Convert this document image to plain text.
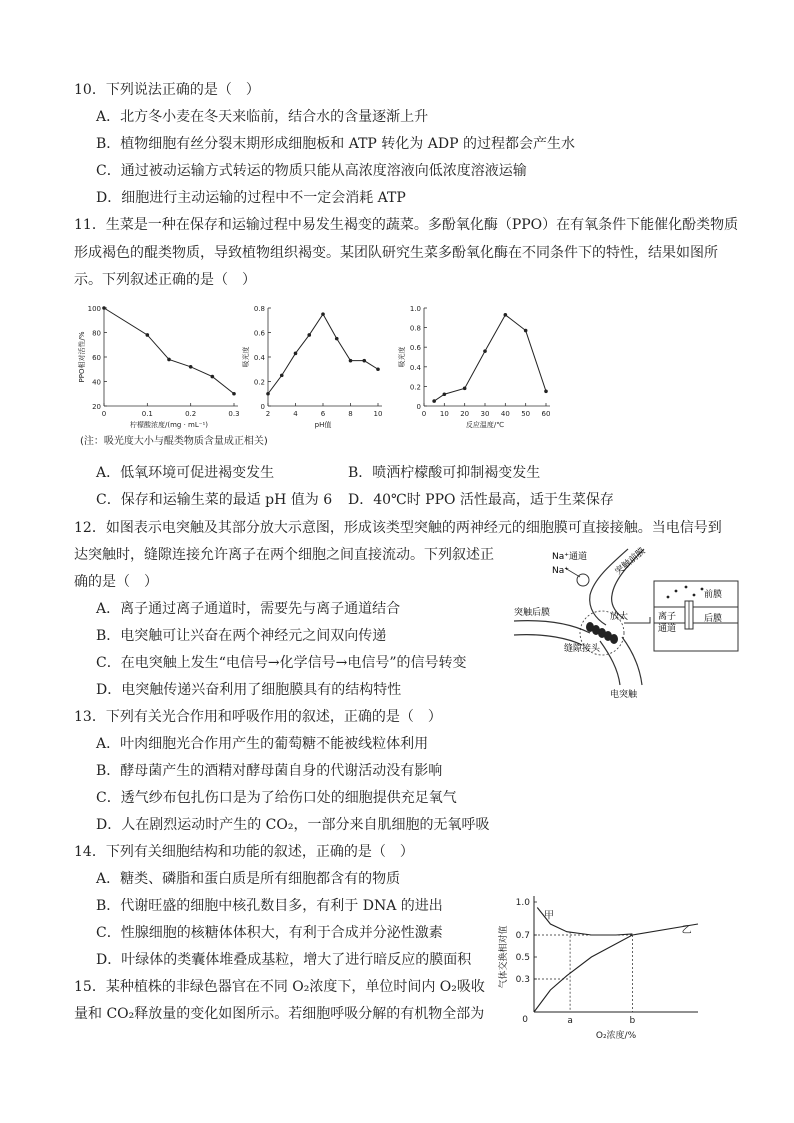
10．下列说法正确的是（　）
A．北方冬小麦在冬天来临前，结合水的含量逐渐上升
B．植物细胞有丝分裂末期形成细胞板和 ATP 转化为 ADP 的过程都会产生水
C．通过被动运输方式转运的物质只能从高浓度溶液向低浓度溶液运输
D．细胞进行主动运输的过程中不一定会消耗 ATP
11．生菜是一种在保存和运输过程中易发生褐变的蔬菜。多酚氧化酶（PPO）在有氧条件下能催化酚类物质
形成褐色的醌类物质，导致植物组织褐变。某团队研究生菜多酚氧化酶在不同条件下的特性，结果如图所
示。下列叙述正确的是（　）
20
40
60
80
100
0	0.1	0.2	0.3
柠檬酸浓度/(mg · mL⁻¹)
PPO相对活性/%
0
0.2
0.4
0.6
0.8
2	4	6	8	10
pH值
吸光度
0
0.2
0.4
0.6
0.8
1.0
0 10 20 30 40 50 60
反应温度/℃
吸光度
(注：吸光度大小与醌类物质含量成正相关)
A．低氧环境可促进褐变发生	B．喷洒柠檬酸可抑制褐变发生
C．保存和运输生菜的最适 pH 值为 6 D．40℃时 PPO 活性最高，适于生菜保存
12．如图表示电突触及其部分放大示意图，形成该类型突触的两神经元的细胞膜可直接接触。当电信号到
达突触时，缝隙连接允许离子在两个细胞之间直接流动。下列叙述正
确的是（　）
A．离子通过离子通道时，需要先与离子通道结合
B．电突触可让兴奋在两个神经元之间双向传递
C．在电突触上发生“电信号→化学信号→电信号”的信号转变
D．电突触传递兴奋利用了细胞膜具有的结构特性
Na⁺通道
Na⁺	突触前膜
突触后膜	放大
缝隙接头
电突触
前膜
后膜
离子
通道
13．下列有关光合作用和呼吸作用的叙述，正确的是（　）
A．叶肉细胞光合作用产生的葡萄糖不能被线粒体利用
B．酵母菌产生的酒精对酵母菌自身的代谢活动没有影响
C．透气纱布包扎伤口是为了给伤口处的细胞提供充足氧气
D．人在剧烈运动时产生的 CO₂，一部分来自肌细胞的无氧呼吸
14．下列有关细胞结构和功能的叙述，正确的是（　）
A．糖类、磷脂和蛋白质是所有细胞都含有的物质
B．代谢旺盛的细胞中核孔数目多，有利于 DNA 的进出
C．性腺细胞的核糖体体积大，有利于合成并分泌性激素
D．叶绿体的类囊体堆叠成基粒，增大了进行暗反应的膜面积
15．某种植株的非绿色器官在不同 O₂浓度下，单位时间内 O₂吸收
量和 CO₂释放量的变化如图所示。若细胞呼吸分解的有机物全部为
0.3
0.5
0.7
1.0
0	a	b
甲
乙
O₂浓度/%
气体交换相对值
